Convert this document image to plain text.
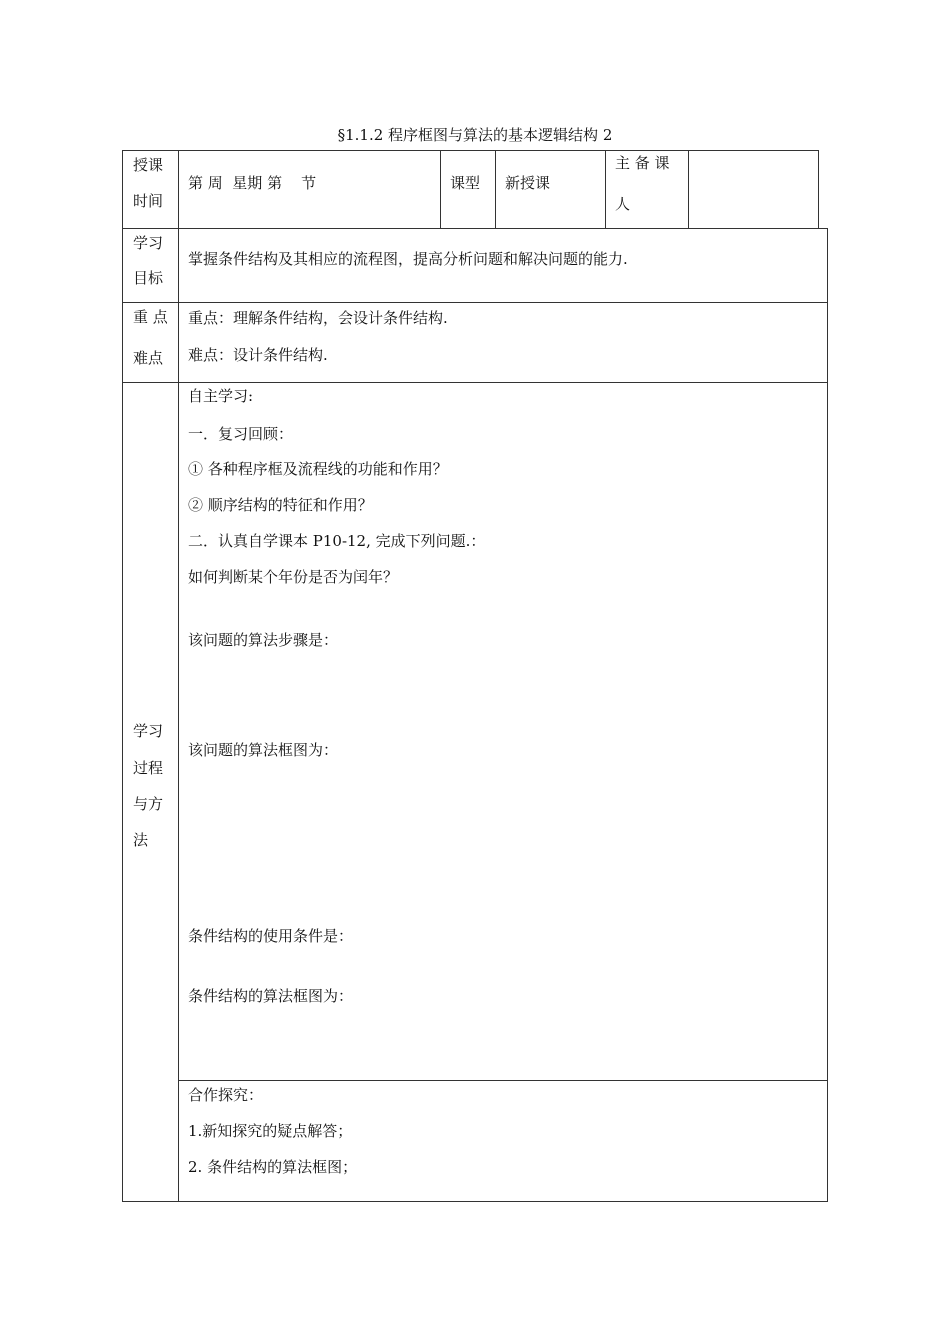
§1.1.2 程序框图与算法的基本逻辑结构 2
授课
时间
第 周  星期 第    节	课型 新授课
主 备 课
人
学习
目标
掌握条件结构及其相应的流程图，提高分析问题和解决问题的能力.
重 点
难点
重点：理解条件结构，会设计条件结构.
难点：设计条件结构.
学习
过程
与方
法
自主学习:
一．复习回顾：
① 各种程序框及流程线的功能和作用？
② 顺序结构的特征和作用？
二．认真自学课本 P10-12, 完成下列问题.：
如何判断某个年份是否为闰年？
该问题的算法步骤是：
该问题的算法框图为：
条件结构的使用条件是：
条件结构的算法框图为：
合作探究：
1.新知探究的疑点解答；
2. 条件结构的算法框图；
